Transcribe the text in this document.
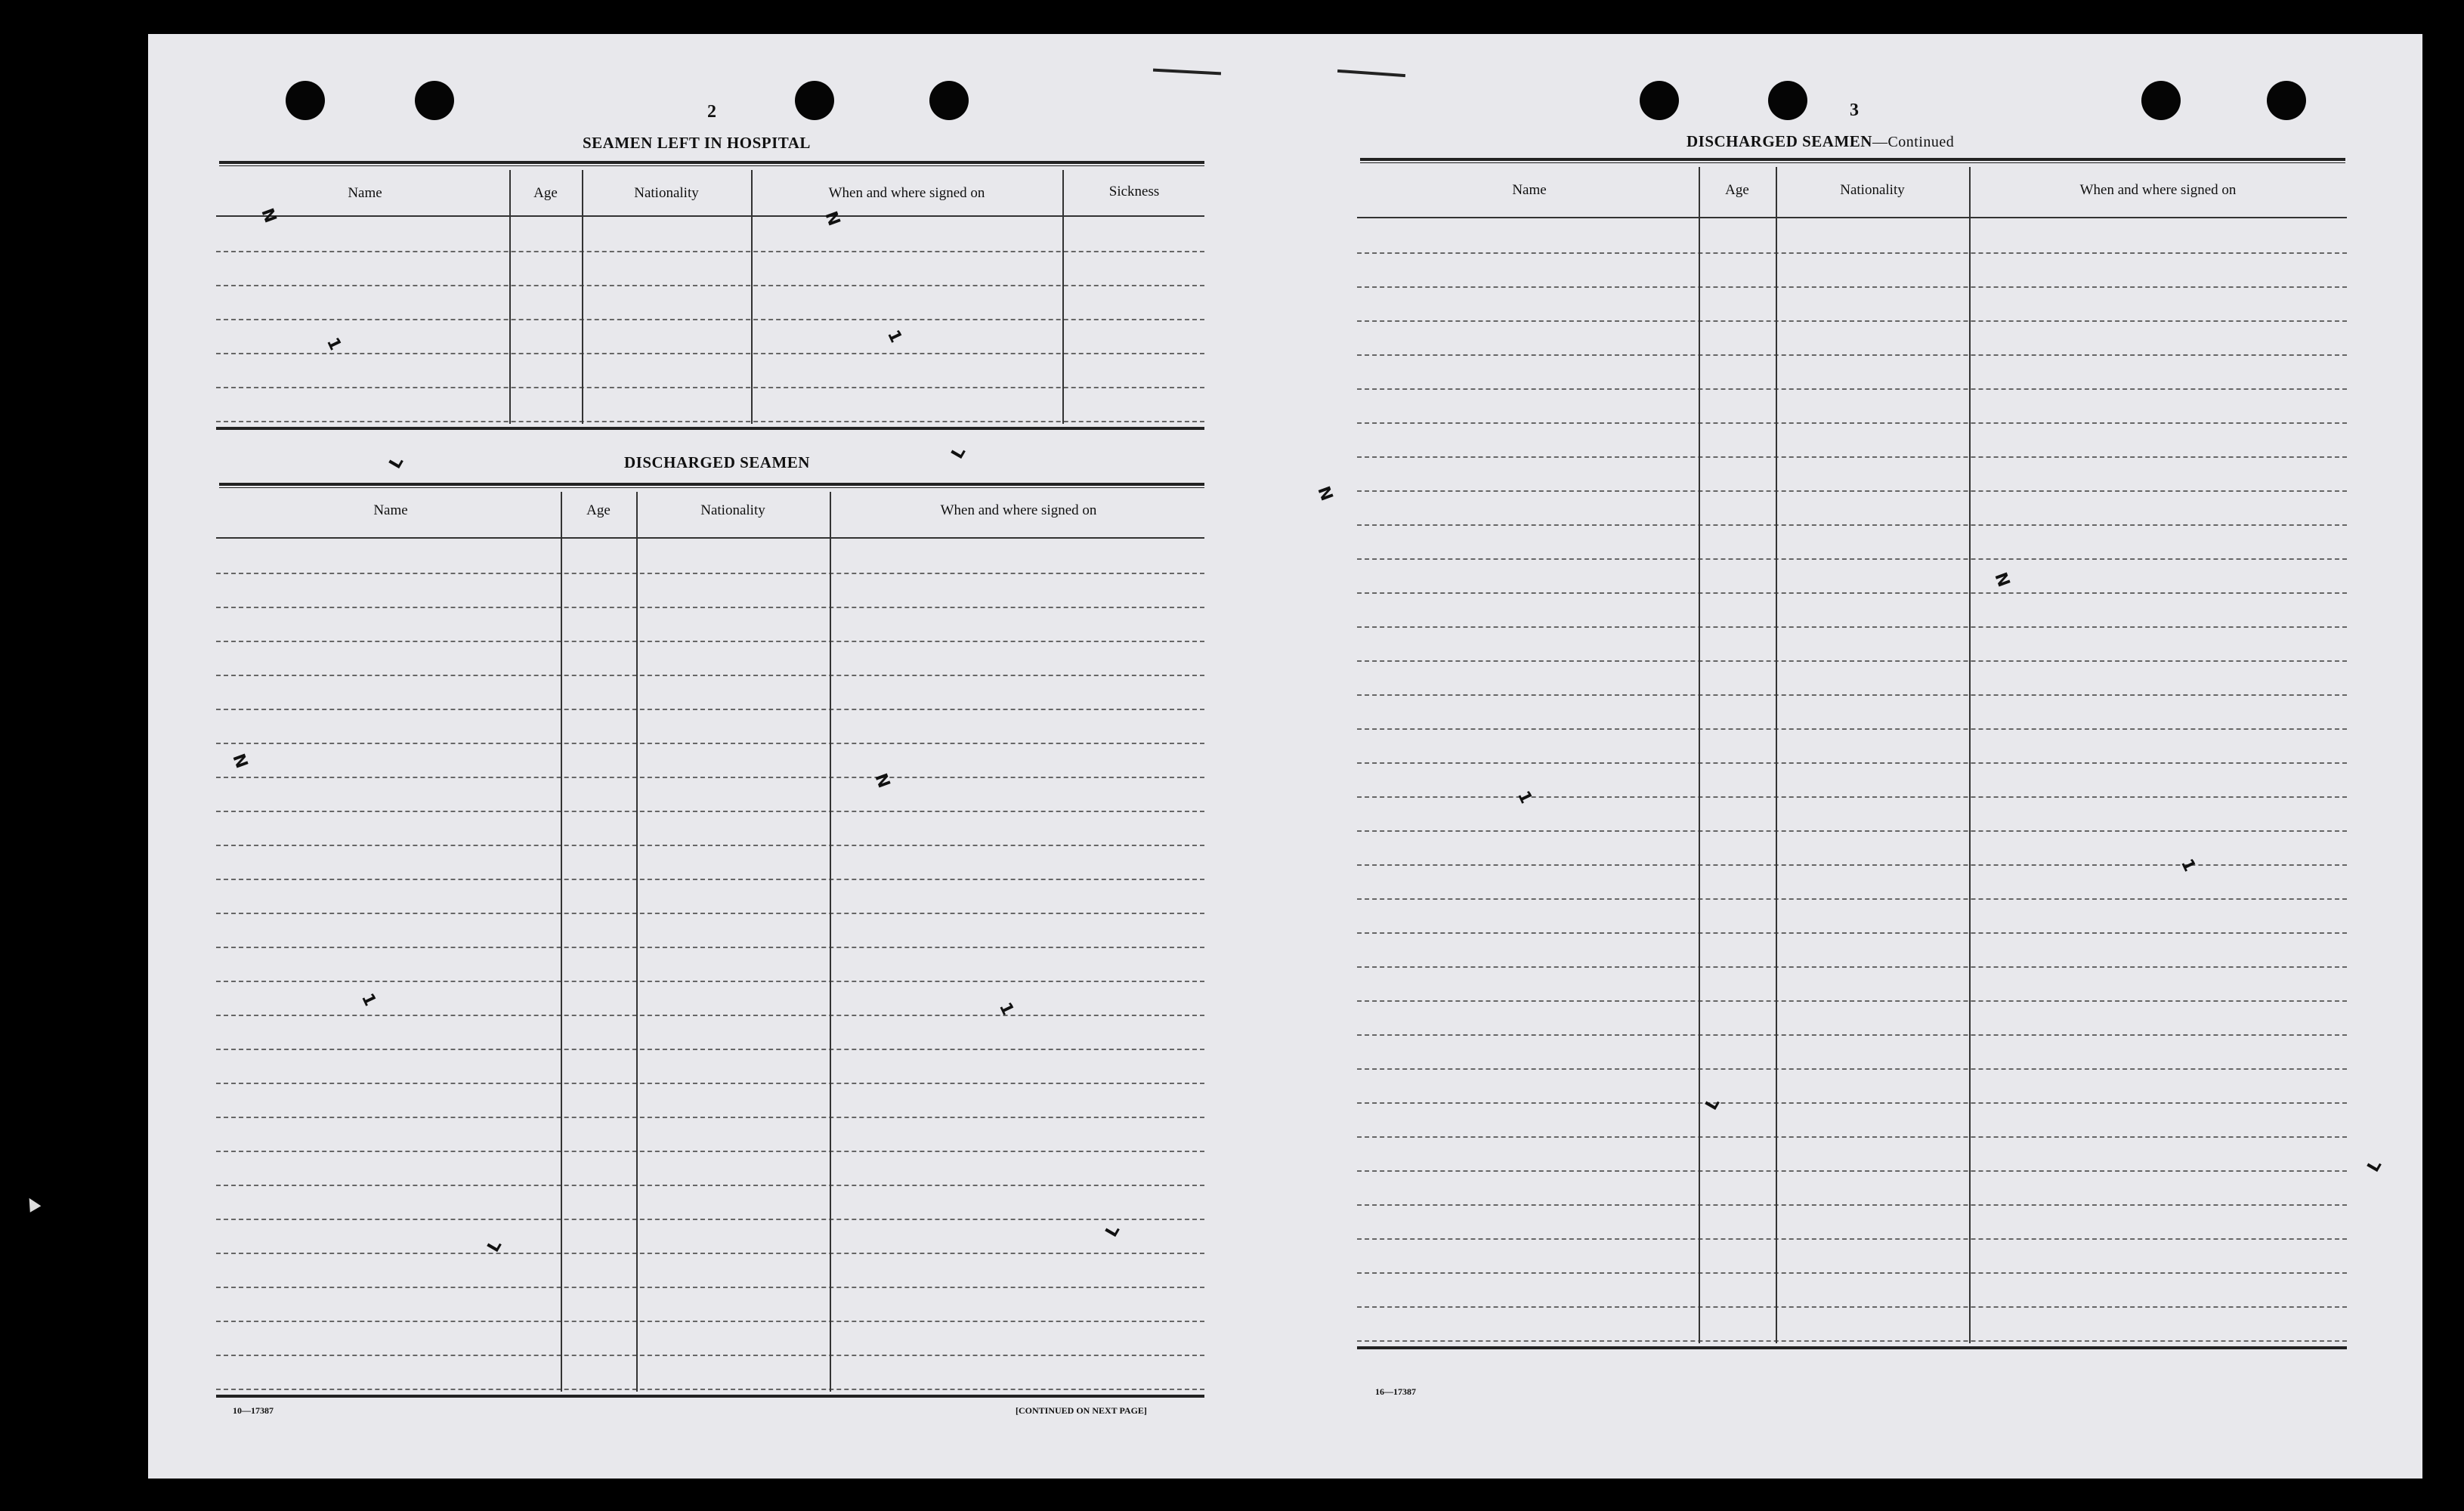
2
SEAMEN LEFT IN HOSPITAL
Name	Age	Nationality	When and where signed on	Sickness
DISCHARGED SEAMEN
Name	Age	Nationality	When and where signed on
10—17387	[CONTINUED ON NEXT PAGE]
N	N
1	1
L
L
N
N
1	1
L
L
3
DISCHARGED SEAMEN—Continued
Name	Age	Nationality	When and where signed on
16—17387
N
N
1
1
L
L
▲
